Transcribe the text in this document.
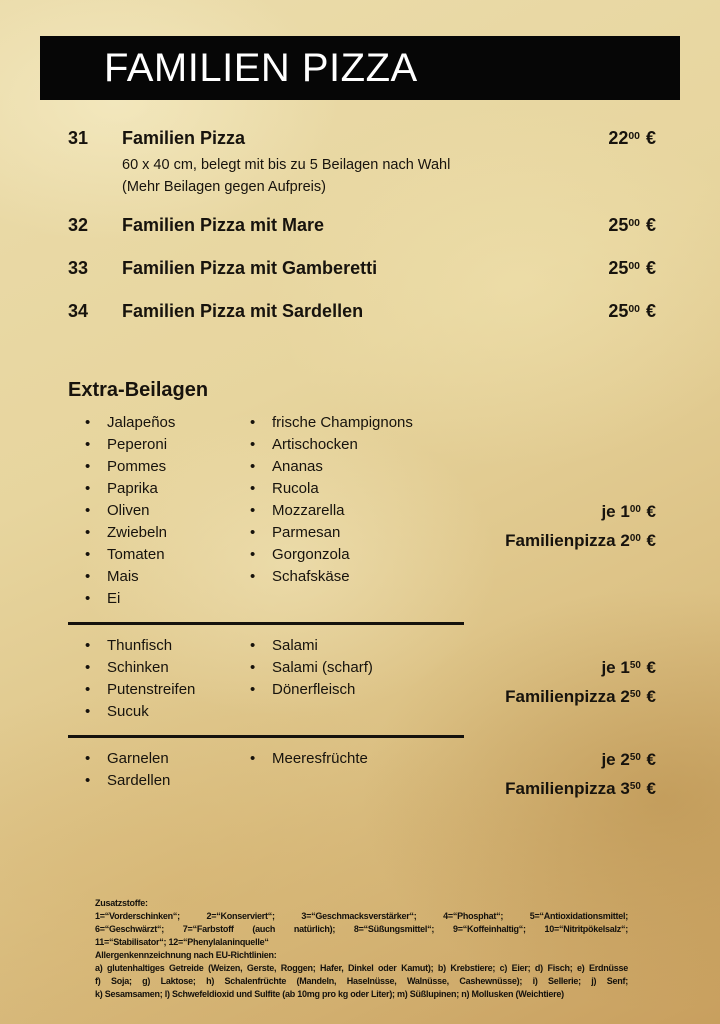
FAMILIEN PIZZA
31	Familien Pizza
60 x 40 cm, belegt mit bis zu 5 Beilagen nach Wahl
(Mehr Beilagen gegen Aufpreis)
$22^{00}$ €
32	Familien Pizza mit Mare	$25^{00}$ €
33	Familien Pizza mit Gamberetti	$25^{00}$ €
34	Familien Pizza mit Sardellen	$25^{00}$ €
Extra-Beilagen
• Jalapeños
• Peperoni
• Pommes
• Paprika
• Oliven
• Zwiebeln
• Tomaten
• Mais
• Ei
• frische Champignons
• Artischocken
• Ananas
• Rucola
• Mozzarella
• Parmesan
• Gorgonzola
• Schafskäse
je $1^{00}$ €
Familienpizza $2^{00}$ €
• Thunfisch
• Schinken
• Putenstreifen
• Sucuk
• Salami
• Salami (scharf)
• Dönerfleisch
je $1^{50}$ €
Familienpizza $2^{50}$ €
• Garnelen
• Sardellen
• Meeresfrüchte	je $2^{50}$ €
Familienpizza $3^{50}$ €
Zusatzstoffe:
1=“Vorderschinken“; 2=“Konserviert“; 3=“Geschmacksverstärker“; 4=“Phosphat“; 5=“Antioxidationsmittel;
6=“Geschwärzt“; 7=“Farbstoff (auch natürlich); 8=“Süßungsmittel“; 9=“Koffeinhaltig“; 10=“Nitritpökelsalz“;
11=“Stabilisator“; 12=“Phenylalaninquelle“
Allergenkennzeichnung nach EU-Richtlinien:
a) glutenhaltiges Getreide (Weizen, Gerste, Roggen; Hafer, Dinkel oder Kamut); b) Krebstiere; c) Eier; d) Fisch; e) Erdnüsse
f) Soja; g) Laktose; h) Schalenfrüchte (Mandeln, Haselnüsse, Walnüsse, Cashewnüsse); i) Sellerie; j) Senf;
k) Sesamsamen; l) Schwefeldioxid und Sulfite (ab 10mg pro kg oder Liter); m) Süßlupinen; n) Mollusken (Weichtiere)
